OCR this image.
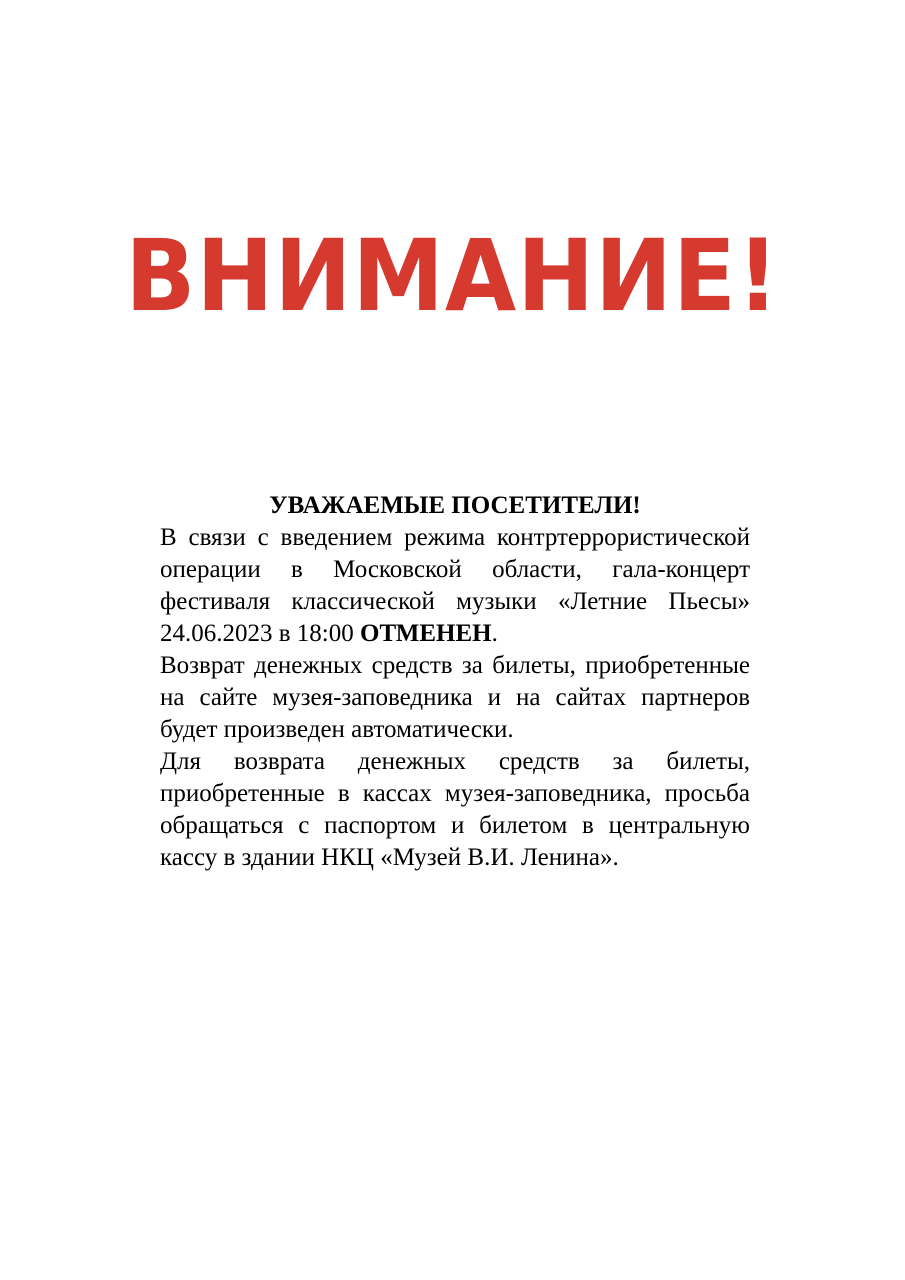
ВНИМАНИЕ!

УВАЖАЕМЫЕ ПОСЕТИТЕЛИ!

В связи с введением режима контртеррористической операции в Московской области, гала-концерт фестиваля классической музыки «Летние Пьесы» 24.06.2023 в 18:00 ОТМЕНЕН.

Возврат денежных средств за билеты, приобретенные на сайте музея-заповедника и на сайтах партнеров будет произведен автоматически.

Для возврата денежных средств за билеты, приобретенные в кассах музея-заповедника, просьба обращаться с паспортом и билетом в центральную кассу в здании НКЦ «Музей В.И. Ленина».
